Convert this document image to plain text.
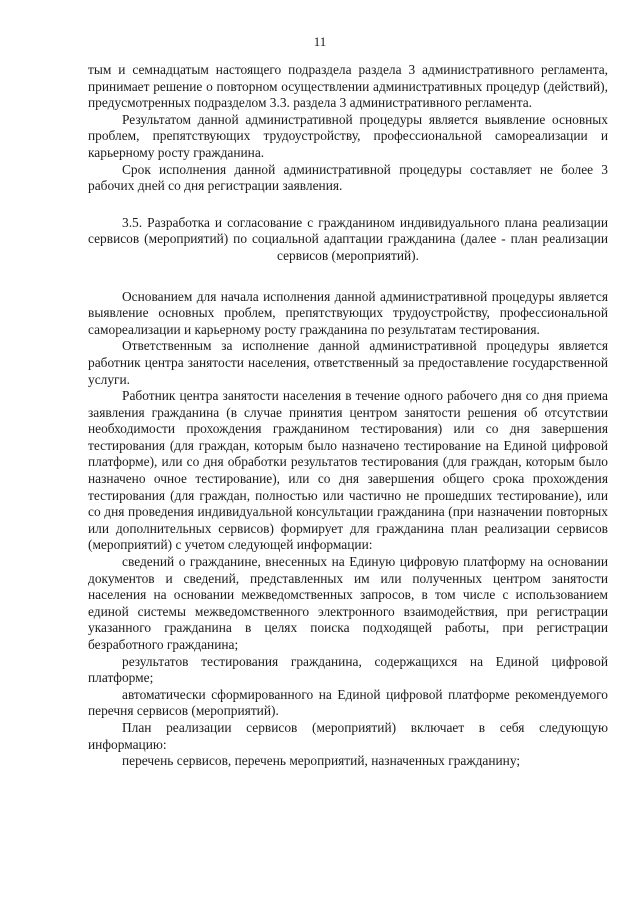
11

тым и семнадцатым настоящего подраздела раздела 3 административного регламента, принимает решение о повторном осуществлении административных процедур (действий), предусмотренных подразделом 3.3. раздела 3 административного регламента.

Результатом данной административной процедуры является выявление основных проблем, препятствующих трудоустройству, профессиональной самореализации и карьерному росту гражданина.

Срок исполнения данной административной процедуры составляет не более 3 рабочих дней со дня регистрации заявления.

3.5. Разработка и согласование с гражданином индивидуального плана реализации сервисов (мероприятий) по социальной адаптации гражданина (далее - план реализации сервисов (мероприятий).

Основанием для начала исполнения данной административной процедуры является выявление основных проблем, препятствующих трудоустройству, профессиональной самореализации и карьерному росту гражданина по результатам тестирования.

Ответственным за исполнение данной административной процедуры является работник центра занятости населения, ответственный за предоставление государственной услуги.

Работник центра занятости населения в течение одного рабочего дня со дня приема заявления гражданина (в случае принятия центром занятости решения об отсутствии необходимости прохождения гражданином тестирования) или со дня завершения тестирования (для граждан, которым было назначено тестирование на Единой цифровой платформе), или со дня обработки результатов тестирования (для граждан, которым было назначено очное тестирование), или со дня завершения общего срока прохождения тестирования (для граждан, полностью или частично не прошедших тестирование), или со дня проведения индивидуальной консультации гражданина (при назначении повторных или дополнительных сервисов) формирует для гражданина план реализации сервисов (мероприятий) с учетом следующей информации:

сведений о гражданине, внесенных на Единую цифровую платформу на основании документов и сведений, представленных им или полученных центром занятости населения на основании межведомственных запросов, в том числе с использованием единой системы межведомственного электронного взаимодействия, при регистрации указанного гражданина в целях поиска подходящей работы, при регистрации безработного гражданина;

результатов тестирования гражданина, содержащихся на Единой цифровой платформе;

автоматически сформированного на Единой цифровой платформе рекомендуемого перечня сервисов (мероприятий).

План реализации сервисов (мероприятий) включает в себя следующую информацию:

перечень сервисов, перечень мероприятий, назначенных гражданину;
